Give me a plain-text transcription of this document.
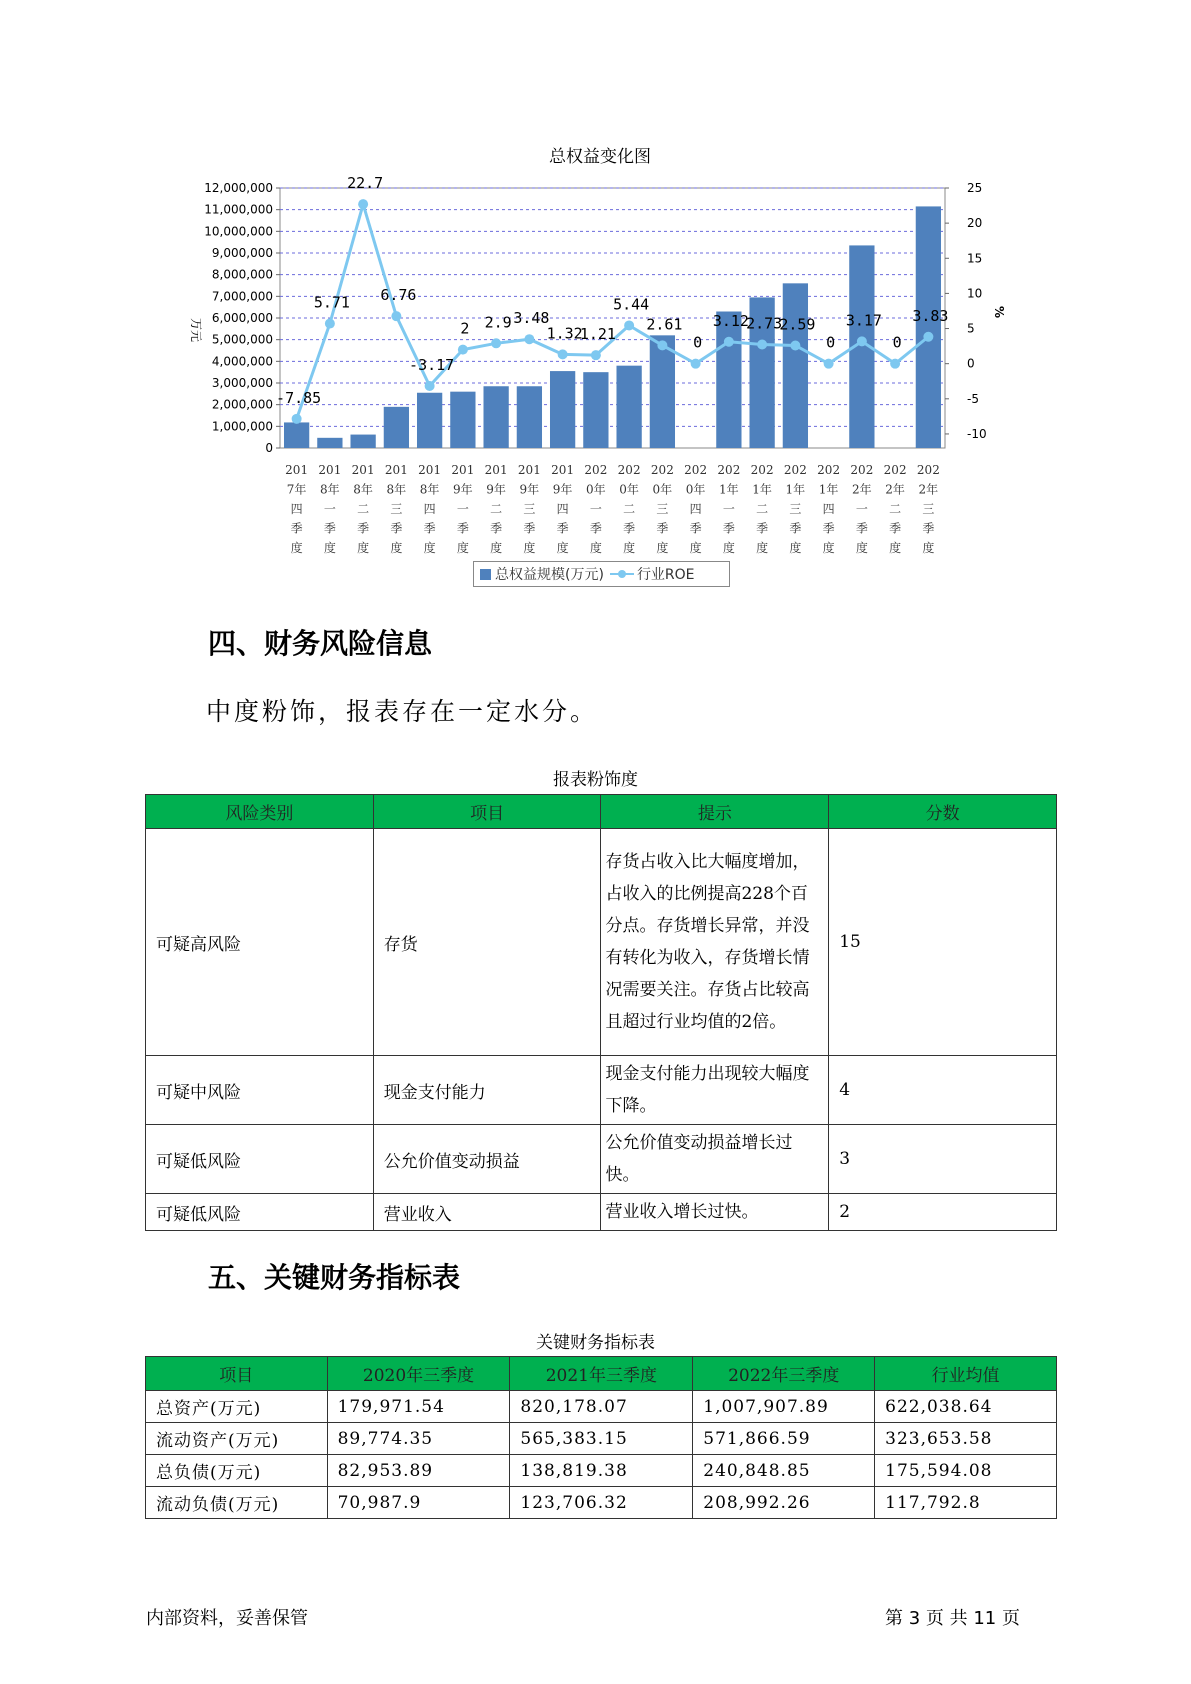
总权益变化图
-7.85
5.71
22.7
6.76
-3.17
2 2.9 3.48
1.32
1.21
5.44
2.61
0
3.12
2.73
2.59
0
3.17
0
3.83
12,000,000
11,000,000
10,000,000
9,000,000
8,000,000
7,000,000
6,000,000
5,000,000
4,000,000
3,000,000
2,000,000
1,000,000
0
25
20
15
10
5
0
-5
-10
201 7年四季度
201 8年一季度
201 8年二季度
201 8年三季度
201 8年四季度
201 9年一季度
201 9年二季度
201 9年三季度
201 9年四季度
202 0年一季度
202 0年二季度
202 0年三季度
202 0年四季度
202 1年一季度
202 1年二季度
202 1年三季度
202 1年四季度
202 2年一季度
202 2年二季度
202 2年三季度
万元
%
总权益规模(万元) 行业ROE
四、财务风险信息
中度粉饰，报表存在一定水分。
报表粉饰度
风险类别	项目	提示	分数
可疑高风险	存货	存货占收入比大幅度增加，占收入的比例提高228个百分点。存货增长异常，并没有转化为收入，存货增长情况需要关注。存货占比较高且超过行业均值的2倍。	15
可疑中风险	现金支付能力	现金支付能力出现较大幅度下降。	4
可疑低风险	公允价值变动损益	公允价值变动损益增长过快。	3
可疑低风险	营业收入	营业收入增长过快。	2
五、关键财务指标表
关键财务指标表
项目	2020年三季度	2021年三季度	2022年三季度	行业均值
总资产(万元)	179,971.54	820,178.07	1,007,907.89	622,038.64
流动资产(万元)	89,774.35	565,383.15	571,866.59	323,653.58
总负债(万元)	82,953.89	138,819.38	240,848.85	175,594.08
流动负债(万元)	70,987.9	123,706.32	208,992.26	117,792.8
内部资料，妥善保管	第 3 页 共 11 页
